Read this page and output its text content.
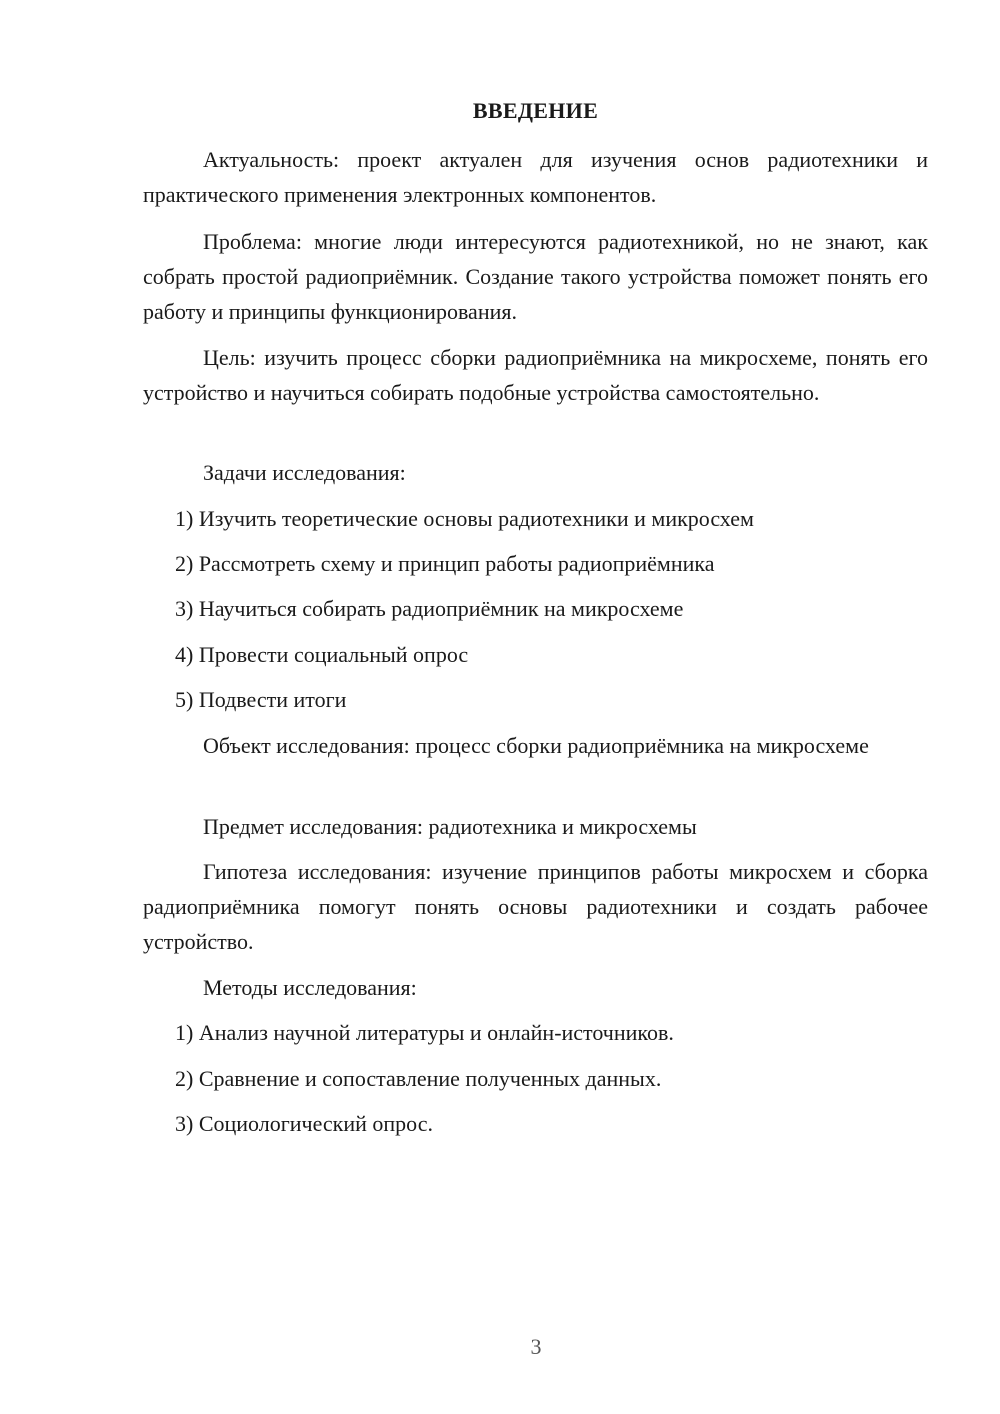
ВВЕДЕНИЕ

Актуальность: проект актуален для изучения основ радиотехники и практического применения электронных компонентов.

Проблема: многие люди интересуются радиотехникой, но не знают, как собрать простой радиоприёмник. Создание такого устройства поможет понять его работу и принципы функционирования.

Цель: изучить процесс сборки радиоприёмника на микросхеме, понять его устройство и научиться собирать подобные устройства самостоятельно.

Задачи исследования:

1) Изучить теоретические основы радиотехники и микросхем

2) Рассмотреть схему и принцип работы радиоприёмника

3) Научиться собирать радиоприёмник на микросхеме

4) Провести социальный опрос

5) Подвести итоги

Объект исследования: процесс сборки радиоприёмника на микросхеме

Предмет исследования: радиотехника и микросхемы

Гипотеза исследования: изучение принципов работы микросхем и сборка радиоприёмника помогут понять основы радиотехники и создать рабочее устройство.

Методы исследования:

1) Анализ научной литературы и онлайн-источников.

2) Сравнение и сопоставление полученных данных.

3) Социологический опрос.

3
